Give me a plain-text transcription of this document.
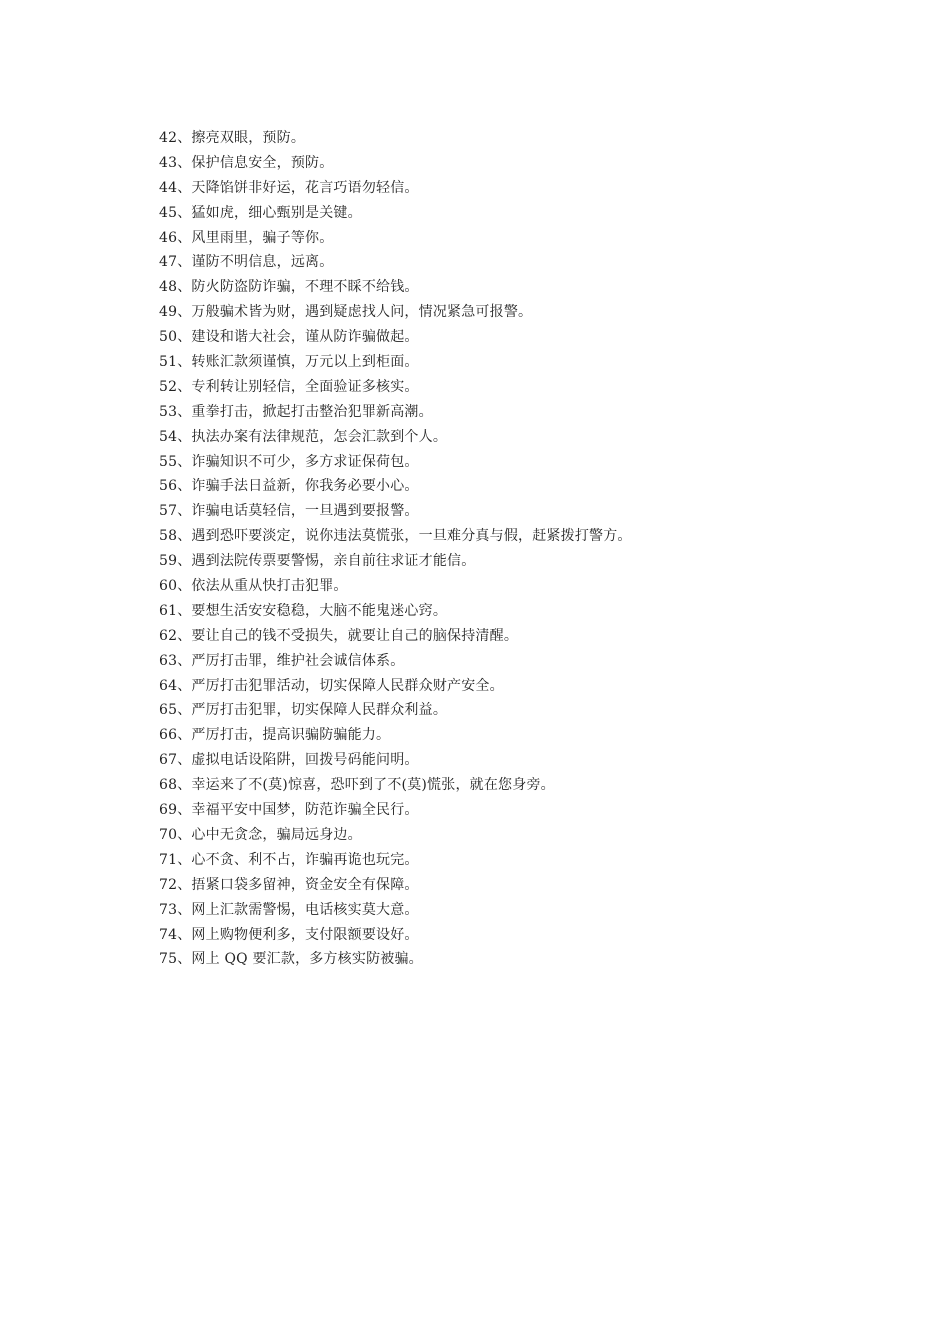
42、擦亮双眼，预防。
43、保护信息安全，预防。
44、天降馅饼非好运，花言巧语勿轻信。
45、猛如虎，细心甄别是关键。
46、风里雨里，骗子等你。
47、谨防不明信息，远离。
48、防火防盗防诈骗，不理不睬不给钱。
49、万般骗术皆为财，遇到疑虑找人问，情况紧急可报警。
50、建设和谐大社会，谨从防诈骗做起。
51、转账汇款须谨慎，万元以上到柜面。
52、专利转让别轻信，全面验证多核实。
53、重拳打击，掀起打击整治犯罪新高潮。
54、执法办案有法律规范，怎会汇款到个人。
55、诈骗知识不可少，多方求证保荷包。
56、诈骗手法日益新，你我务必要小心。
57、诈骗电话莫轻信，一旦遇到要报警。
58、遇到恐吓要淡定，说你违法莫慌张，一旦难分真与假，赶紧拨打警方。
59、遇到法院传票要警惕，亲自前往求证才能信。
60、依法从重从快打击犯罪。
61、要想生活安安稳稳，大脑不能鬼迷心窍。
62、要让自己的钱不受损失，就要让自己的脑保持清醒。
63、严厉打击罪，维护社会诚信体系。
64、严厉打击犯罪活动，切实保障人民群众财产安全。
65、严厉打击犯罪，切实保障人民群众利益。
66、严厉打击，提高识骗防骗能力。
67、虚拟电话设陷阱，回拨号码能问明。
68、幸运来了不(莫)惊喜，恐吓到了不(莫)慌张，就在您身旁。
69、幸福平安中国梦，防范诈骗全民行。
70、心中无贪念，骗局远身边。
71、心不贪、利不占，诈骗再诡也玩完。
72、捂紧口袋多留神，资金安全有保障。
73、网上汇款需警惕，电话核实莫大意。
74、网上购物便利多，支付限额要设好。
75、网上 QQ 要汇款，多方核实防被骗。
